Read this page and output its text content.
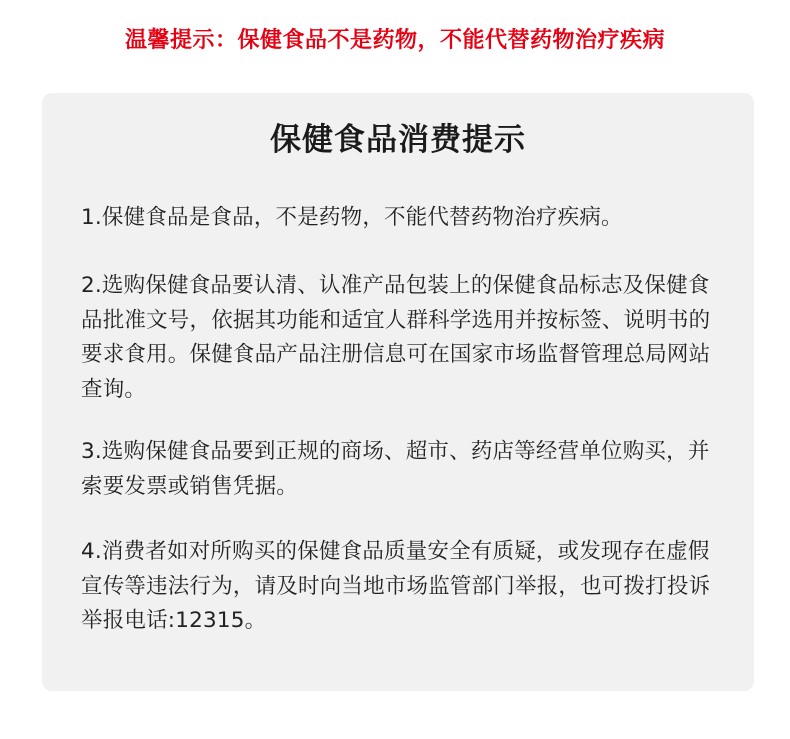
温馨提示：保健食品不是药物，不能代替药物治疗疾病
保健食品消费提示

1.保健食品是食品，不是药物，不能代替药物治疗疾病。

2.选购保健食品要认清、认准产品包装上的保健食品标志及保健食品批准文号，依据其功能和适宜人群科学选用并按标签、说明书的要求食用。保健食品产品注册信息可在国家市场监督管理总局网站查询。

3.选购保健食品要到正规的商场、超市、药店等经营单位购买，并索要发票或销售凭据。

4.消费者如对所购买的保健食品质量安全有质疑，或发现存在虚假宣传等违法行为，请及时向当地市场监管部门举报，也可拨打投诉举报电话:12315。
